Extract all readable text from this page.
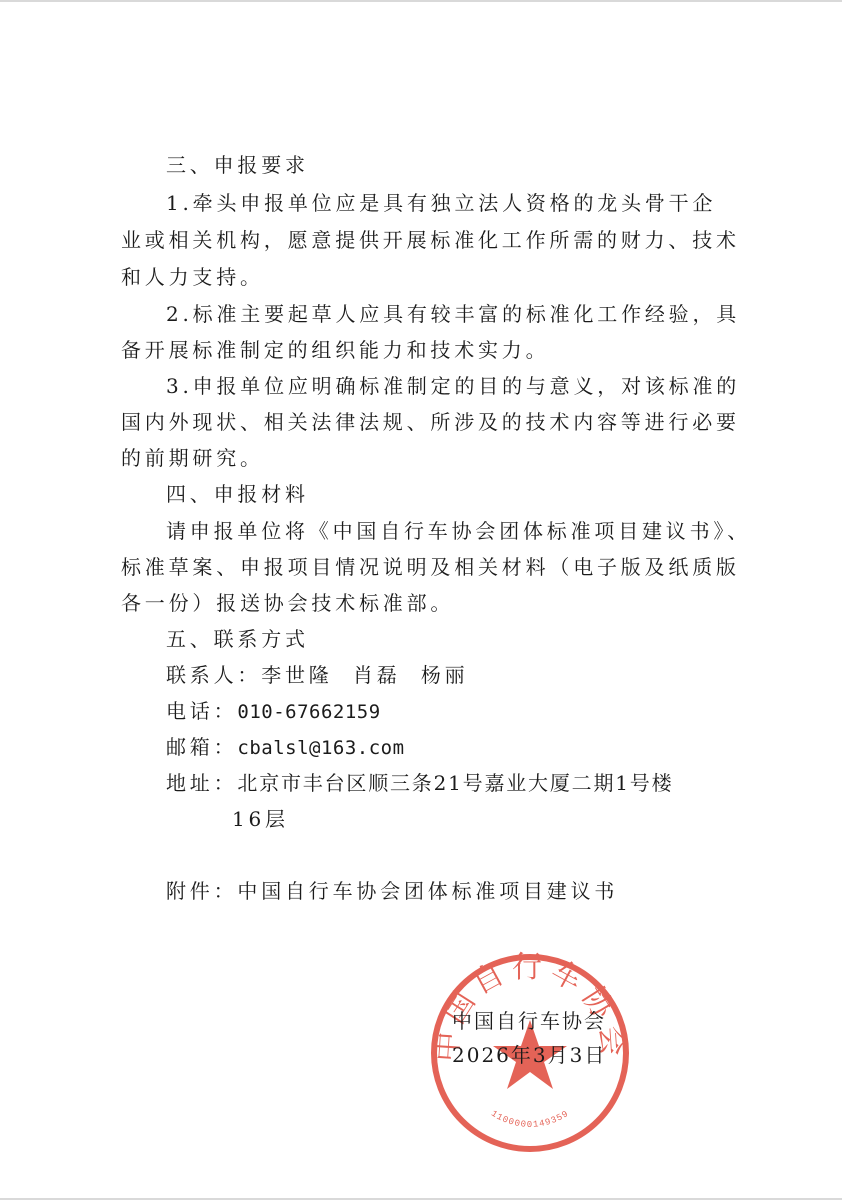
三、申报要求
1.牵头申报单位应是具有独立法人资格的龙头骨干企
业或相关机构，愿意提供开展标准化工作所需的财力、技术
和人力支持。
2.标准主要起草人应具有较丰富的标准化工作经验，具
备开展标准制定的组织能力和技术实力。
3.申报单位应明确标准制定的目的与意义，对该标准的
国内外现状、相关法律法规、所涉及的技术内容等进行必要
的前期研究。
四、申报材料
请申报单位将《中国自行车协会团体标准项目建议书》、
标准草案、申报项目情况说明及相关材料（电子版及纸质版
各一份）报送协会技术标准部。
五、联系方式
联系人：李世隆  肖磊  杨丽
电话：010-67662159
邮箱：cbalsl@163.com
地址：北京市丰台区顺三条21号嘉业大厦二期1号楼
16层
附件：中国自行车协会团体标准项目建议书
中国自行车协会
1100000149359
中国自行车协会
2026年3月3日
